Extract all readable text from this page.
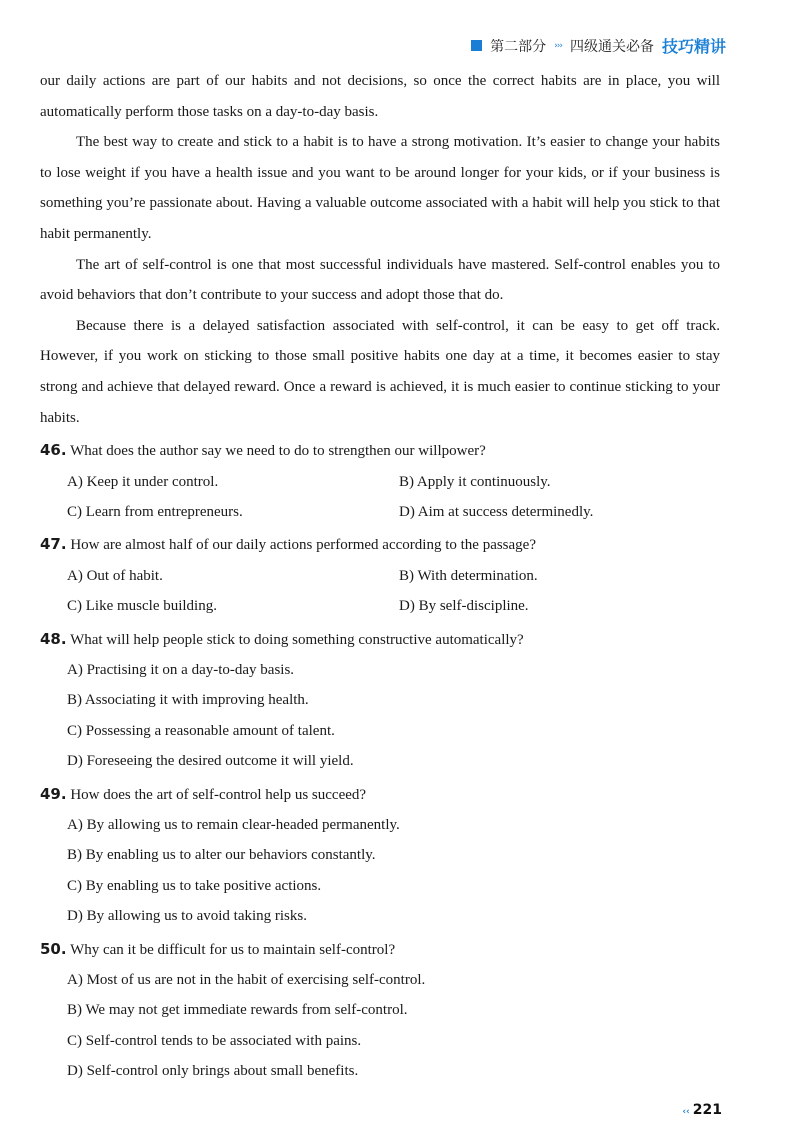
第二部分 ››› 四级通关必备 技巧精讲

our daily actions are part of our habits and not decisions, so once the correct habits are in place, you will automatically perform those tasks on a day-to-day basis.

The best way to create and stick to a habit is to have a strong motivation. It’s easier to change your habits to lose weight if you have a health issue and you want to be around longer for your kids, or if your business is something you’re passionate about. Having a valuable outcome associated with a habit will help you stick to that habit permanently.

The art of self-control is one that most successful individuals have mastered. Self-control enables you to avoid behaviors that don’t contribute to your success and adopt those that do.

Because there is a delayed satisfaction associated with self-control, it can be easy to get off track. However, if you work on sticking to those small positive habits one day at a time, it becomes easier to stay strong and achieve that delayed reward. Once a reward is achieved, it is much easier to continue sticking to your habits.

46. What does the author say we need to do to strengthen our willpower?
A) Keep it under control.	B) Apply it continuously.
C) Learn from entrepreneurs.	D) Aim at success determinedly.
47. How are almost half of our daily actions performed according to the passage?
A) Out of habit.	B) With determination.
C) Like muscle building.	D) By self-discipline.
48. What will help people stick to doing something constructive automatically?
A) Practising it on a day-to-day basis.
B) Associating it with improving health.
C) Possessing a reasonable amount of talent.
D) Foreseeing the desired outcome it will yield.
49. How does the art of self-control help us succeed?
A) By allowing us to remain clear-headed permanently.
B) By enabling us to alter our behaviors constantly.
C) By enabling us to take positive actions.
D) By allowing us to avoid taking risks.
50. Why can it be difficult for us to maintain self-control?
A) Most of us are not in the habit of exercising self-control.
B) We may not get immediate rewards from self-control.
C) Self-control tends to be associated with pains.
D) Self-control only brings about small benefits.
‹‹ 221
